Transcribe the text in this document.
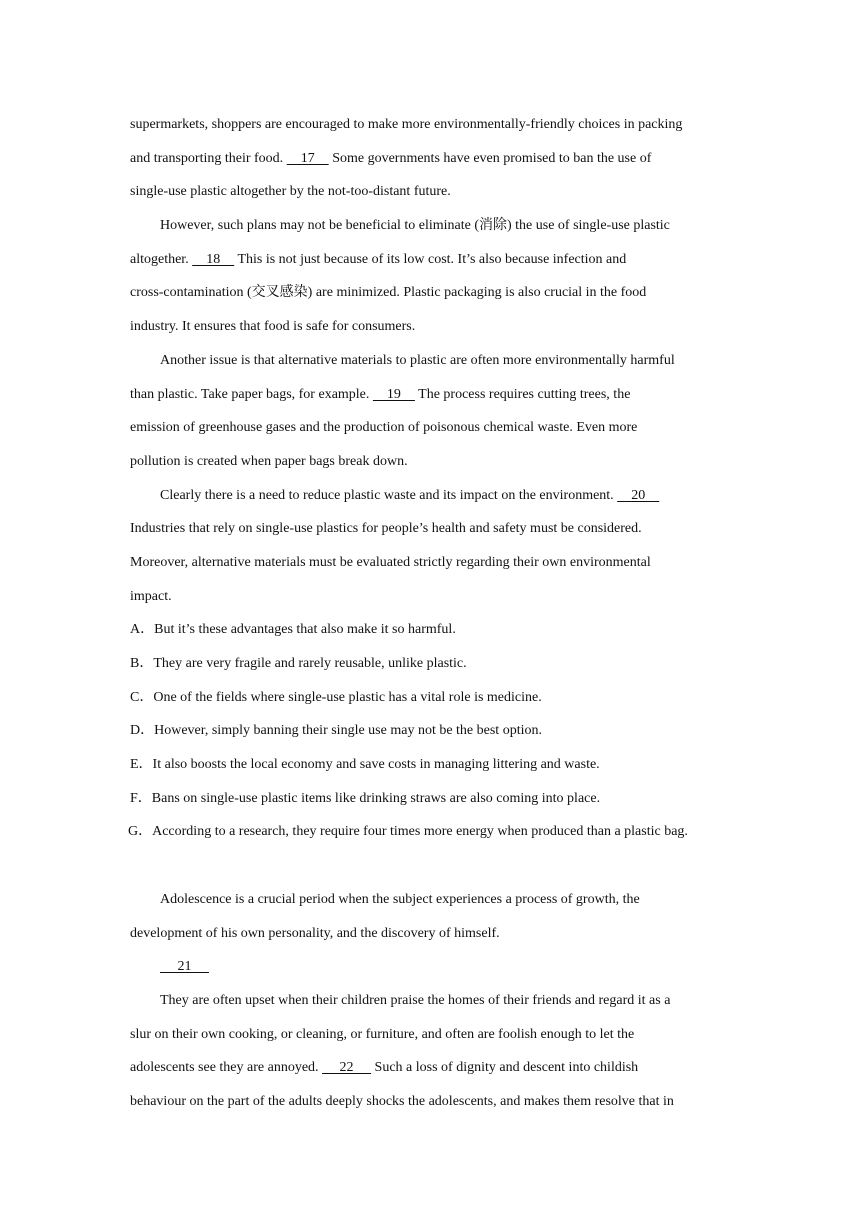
supermarkets, shoppers are encouraged to make more environmentally-friendly choices in packing
and transporting their food.     17     Some governments have even promised to ban the use of
single-use plastic altogether by the not-too-distant future.
However, such plans may not be beneficial to eliminate (消除) the use of single-use plastic
altogether.     18     This is not just because of its low cost. It’s also because infection and
cross-contamination (交叉感染) are minimized. Plastic packaging is also crucial in the food
industry. It ensures that food is safe for consumers.
Another issue is that alternative materials to plastic are often more environmentally harmful
than plastic. Take paper bags, for example.     19     The process requires cutting trees, the
emission of greenhouse gases and the production of poisonous chemical waste. Even more
pollution is created when paper bags break down.
Clearly there is a need to reduce plastic waste and its impact on the environment.     20
Industries that rely on single-use plastics for people’s health and safety must be considered.
Moreover, alternative materials must be evaluated strictly regarding their own environmental
impact.
A．But it’s these advantages that also make it so harmful.
B．They are very fragile and rarely reusable, unlike plastic.
C．One of the fields where single-use plastic has a vital role is medicine.
D．However, simply banning their single use may not be the best option.
E．It also boosts the local economy and save costs in managing littering and waste.
F．Bans on single-use plastic items like drinking straws are also coming into place.
G．According to a research, they require four times more energy when produced than a plastic bag.
Adolescence is a crucial period when the subject experiences a process of growth, the
development of his own personality, and the discovery of himself.
21
They are often upset when their children praise the homes of their friends and regard it as a
slur on their own cooking, or cleaning, or furniture, and often are foolish enough to let the
adolescents see they are annoyed.      22      Such a loss of dignity and descent into childish
behaviour on the part of the adults deeply shocks the adolescents, and makes them resolve that in
